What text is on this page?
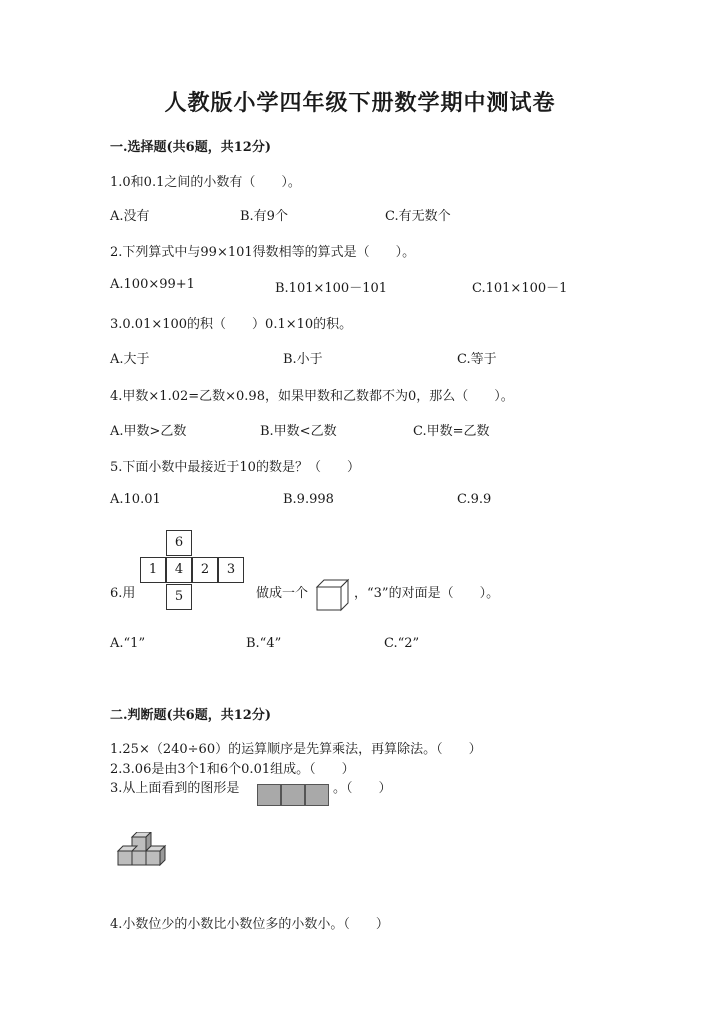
人教版小学四年级下册数学期中测试卷
一.选择题(共6题，共12分)
1.0和0.1之间的小数有（　　）。
A.没有	B.有9个	C.有无数个
2.下列算式中与99×101得数相等的算式是（　　）。
A.100×99+1	B.101×100－101	C.101×100－1
3.0.01×100的积（　　）0.1×10的积。
A.大于	B.小于	C.等于
4.甲数×1.02=乙数×0.98，如果甲数和乙数都不为0，那么（　　）。
A.甲数>乙数	B.甲数<乙数	C.甲数=乙数
5.下面小数中最接近于10的数是？（　　）
A.10.01	B.9.998	C.9.9
6.用
6
1	4	2	3
5	做成一个	，“3”的对面是（　　）。
A.“1”	B.“4”	C.“2”
二.判断题(共6题，共12分)
1.25×（240÷60）的运算顺序是先算乘法，再算除法。（　　）
2.3.06是由3个1和6个0.01组成。（　　）
3.从上面看到的图形是	。（　　）
4.小数位少的小数比小数位多的小数小。（　　）
